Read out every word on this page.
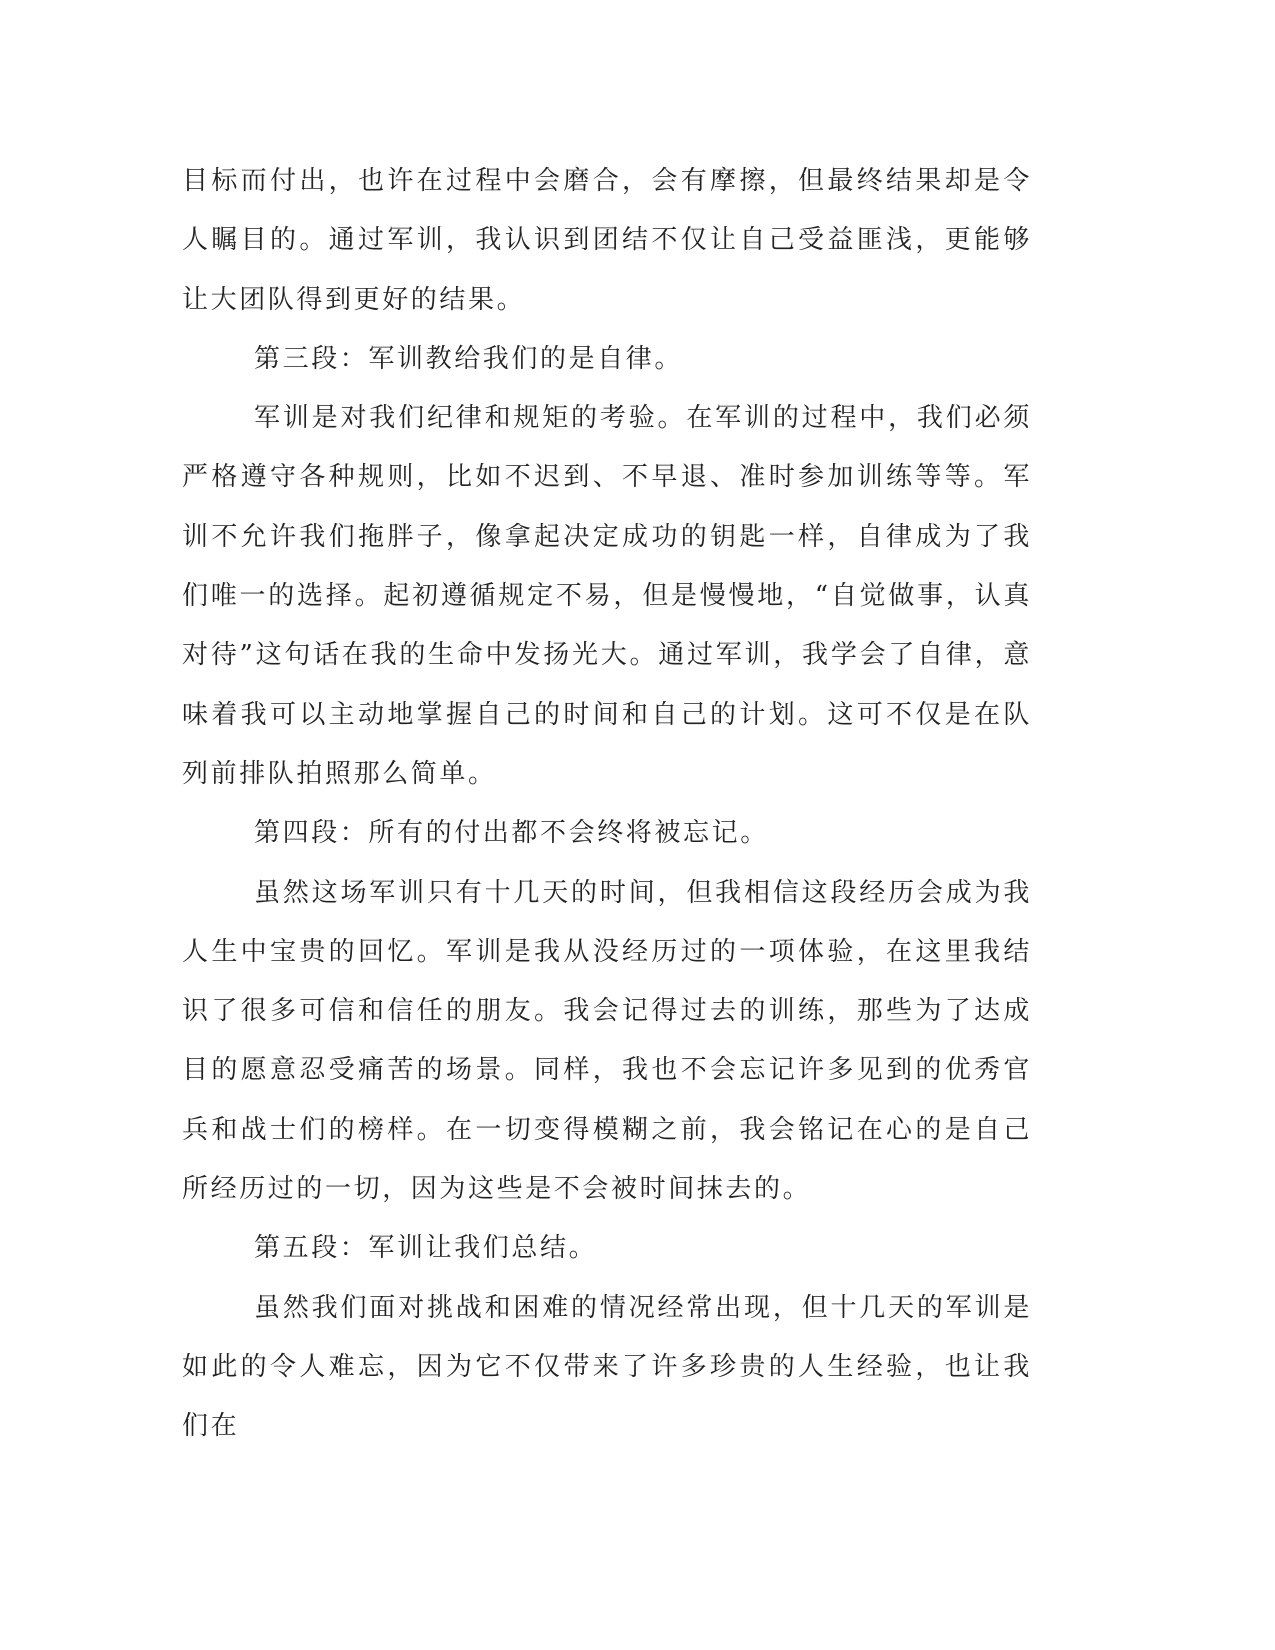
目标而付出，也许在过程中会磨合，会有摩擦，但最终结果却是令人瞩目的。通过军训，我认识到团结不仅让自己受益匪浅，更能够让大团队得到更好的结果。

第三段：军训教给我们的是自律。

军训是对我们纪律和规矩的考验。在军训的过程中，我们必须严格遵守各种规则，比如不迟到、不早退、准时参加训练等等。军训不允许我们拖胖子，像拿起决定成功的钥匙一样，自律成为了我们唯一的选择。起初遵循规定不易，但是慢慢地，“自觉做事，认真对待”这句话在我的生命中发扬光大。通过军训，我学会了自律，意味着我可以主动地掌握自己的时间和自己的计划。这可不仅是在队列前排队拍照那么简单。

第四段：所有的付出都不会终将被忘记。

虽然这场军训只有十几天的时间，但我相信这段经历会成为我人生中宝贵的回忆。军训是我从没经历过的一项体验，在这里我结识了很多可信和信任的朋友。我会记得过去的训练，那些为了达成目的愿意忍受痛苦的场景。同样，我也不会忘记许多见到的优秀官兵和战士们的榜样。在一切变得模糊之前，我会铭记在心的是自己所经历过的一切，因为这些是不会被时间抹去的。

第五段：军训让我们总结。

虽然我们面对挑战和困难的情况经常出现，但十几天的军训是如此的令人难忘，因为它不仅带来了许多珍贵的人生经验，也让我们在
